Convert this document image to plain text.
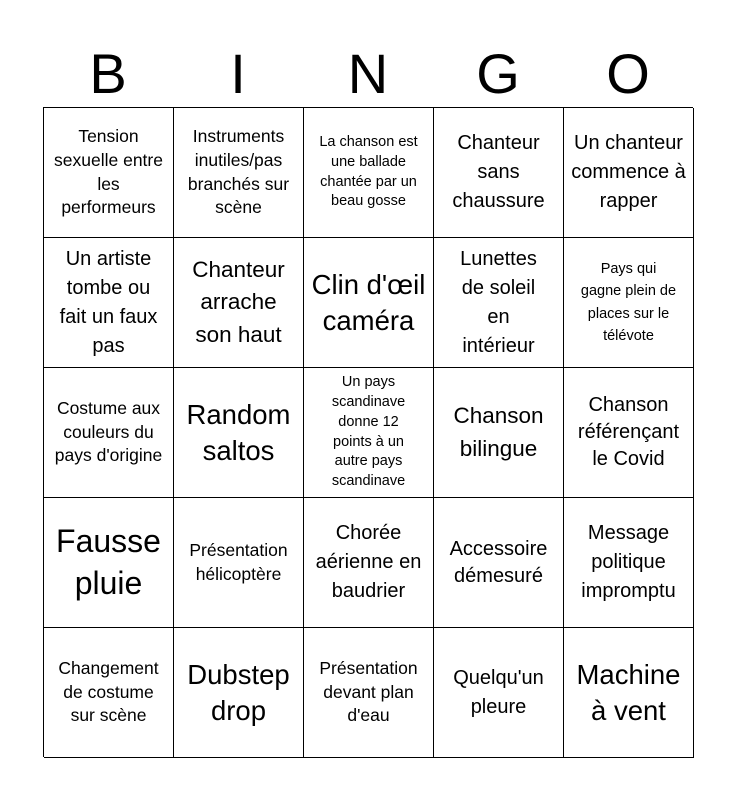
B	I	N	G	O
Tension sexuelle entre les performeurs
Instruments inutiles/pas branchés sur scène
La chanson est une ballade chantée par un beau gosse
Chanteur sans chaussure
Un chanteur commence à rapper
Un artiste tombe ou fait un faux pas
Chanteur arrache son haut
Clin d'œil caméra
Lunettes de soleil en intérieur
Pays qui gagne plein de places sur le télévote
Costume aux couleurs du pays d'origine
Random saltos
Un pays scandinave donne 12 points à un autre pays scandinave
Chanson bilingue
Chanson référençant le Covid
Fausse pluie
Présentation hélicoptère
Chorée aérienne en baudrier
Accessoire démesuré
Message politique impromptu
Changement de costume sur scène
Dubstep drop
Présentation devant plan d'eau
Quelqu'un pleure
Machine à vent
